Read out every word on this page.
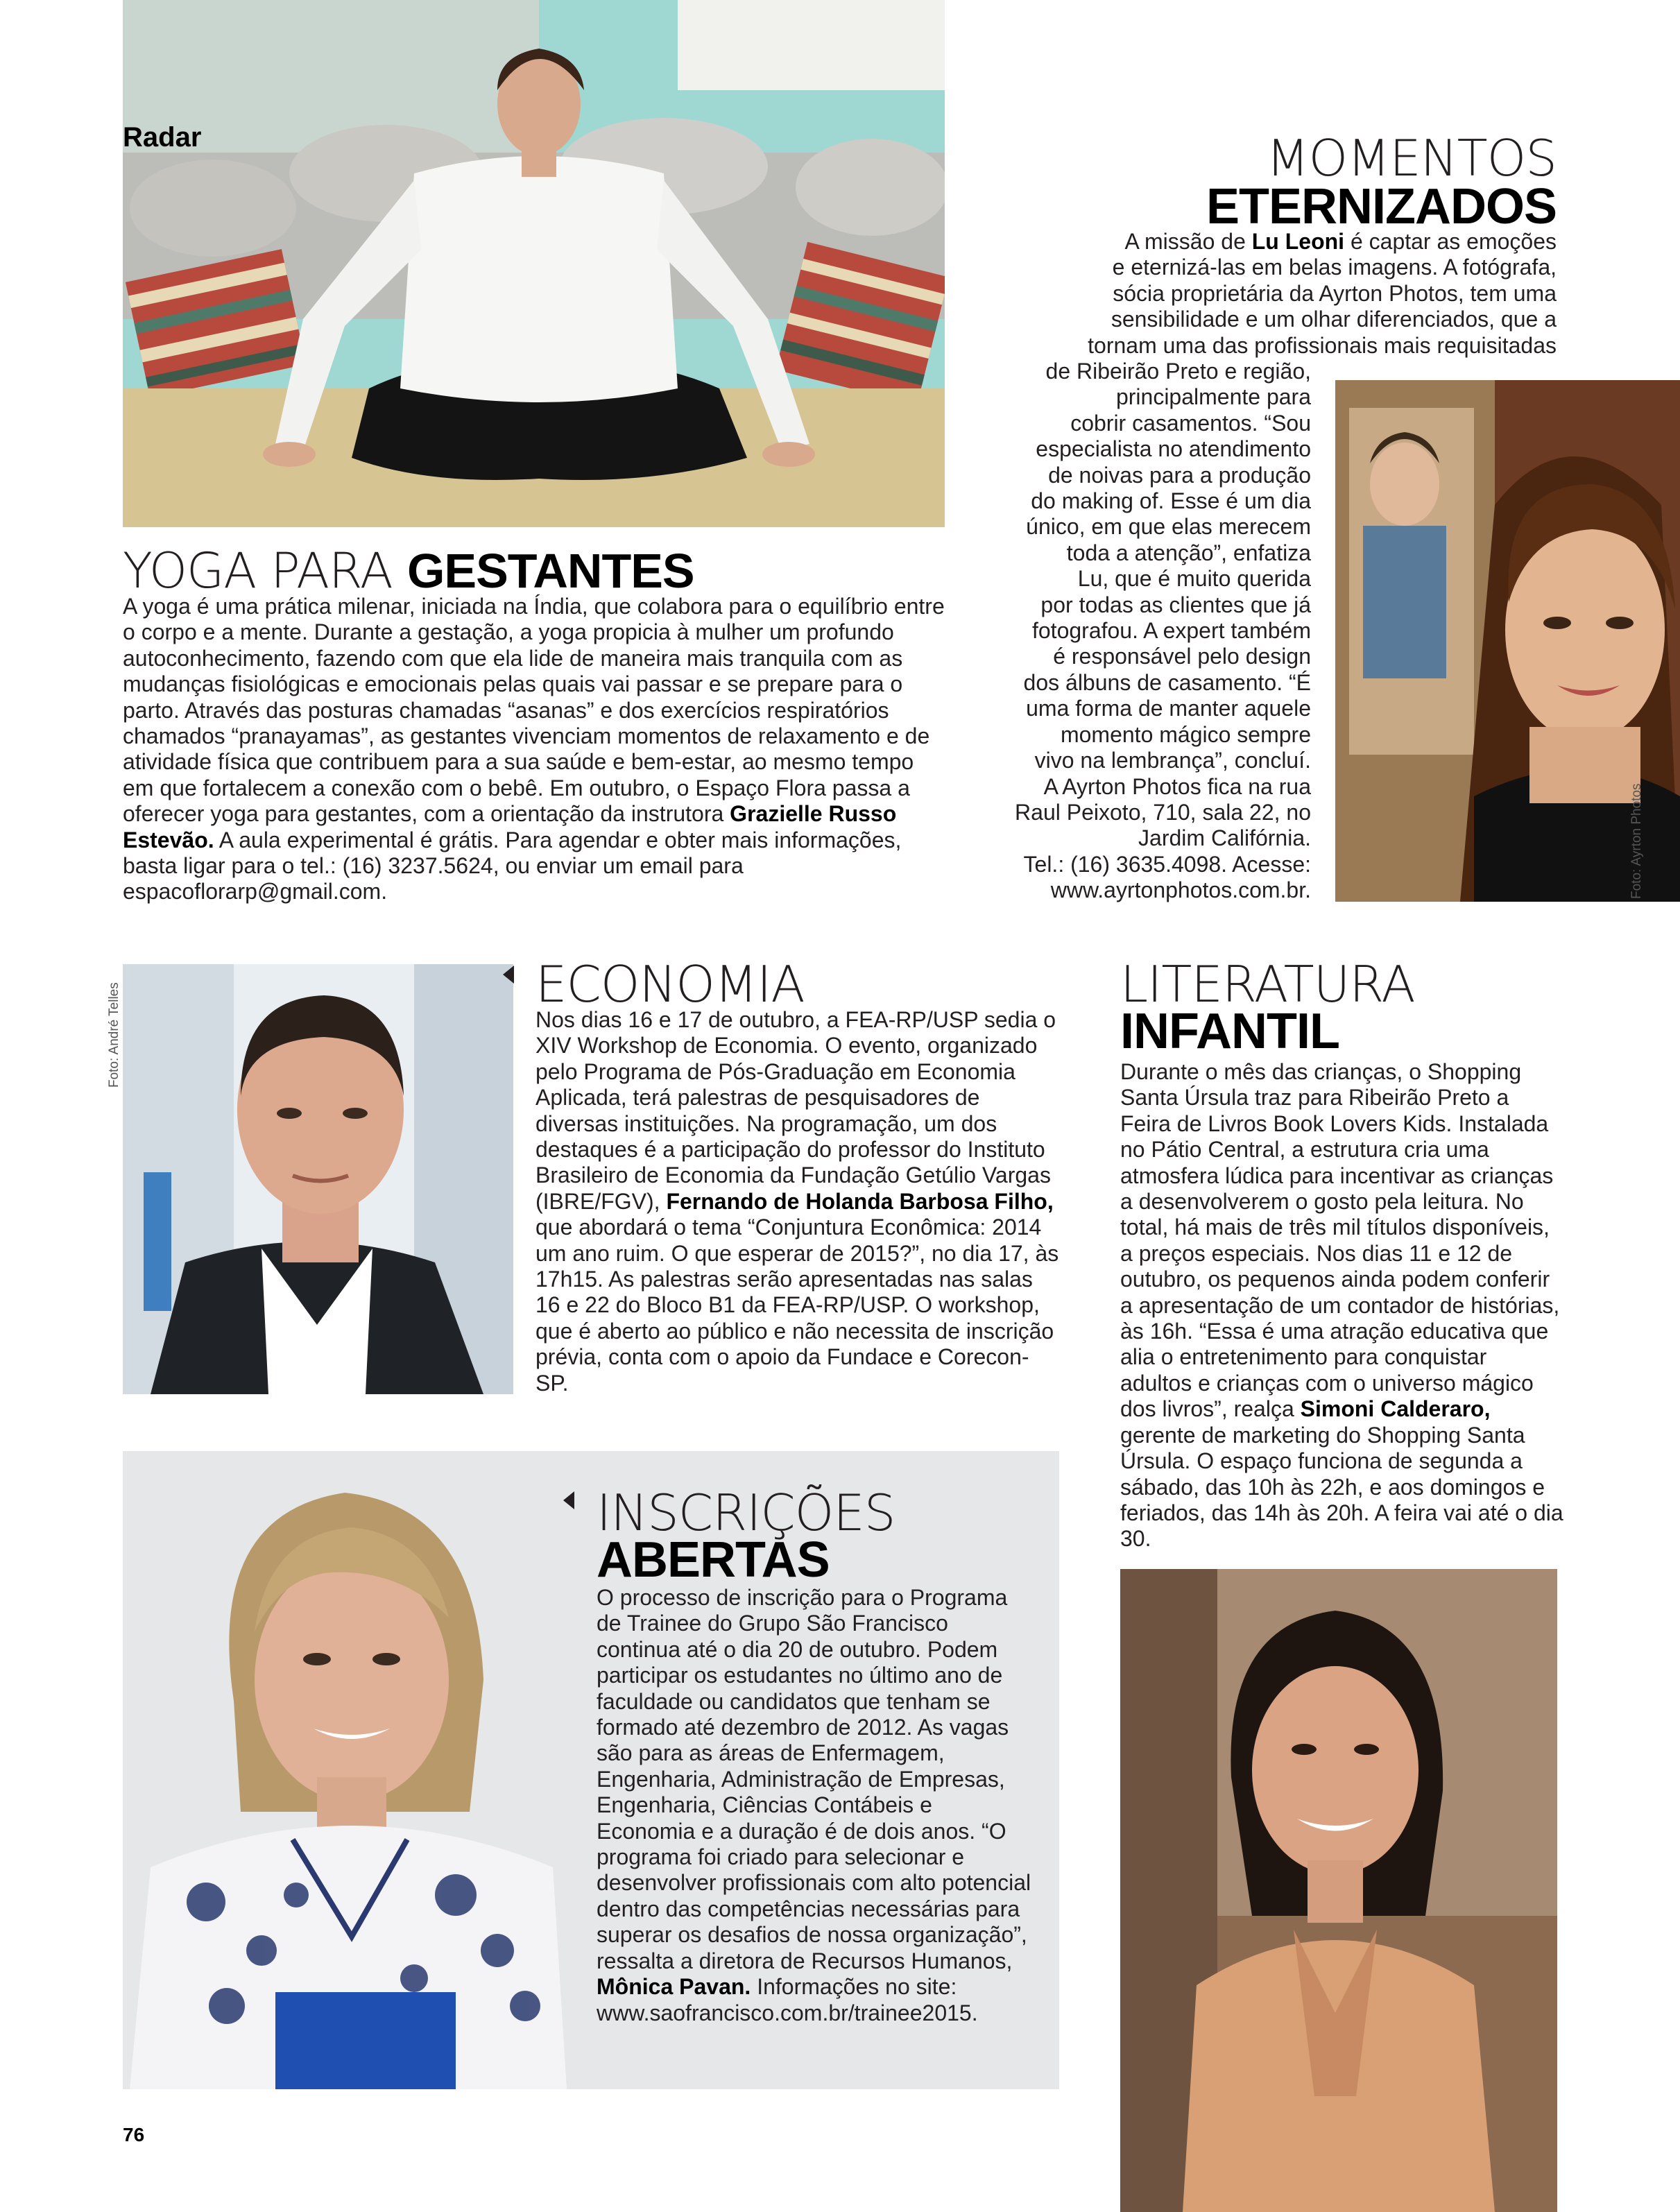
Radar
YOGA PARA GESTANTES
A yoga é uma prática milenar, iniciada na Índia, que colabora para o equilíbrio entre o corpo e a mente. Durante a gestação, a yoga propicia à mulher um profundo autoconhecimento, fazendo com que ela lide de maneira mais tranquila com as mudanças fisiológicas e emocionais pelas quais vai passar e se prepare para o parto. Através das posturas chamadas “asanas” e dos exercícios respiratórios chamados “pranayamas”, as gestantes vivenciam momentos de relaxamento e de atividade física que contribuem para a sua saúde e bem-estar, ao mesmo tempo em que fortalecem a conexão com o bebê. Em outubro, o Espaço Flora passa a oferecer yoga para gestantes, com a orientação da instrutora Grazielle Russo Estevão. A aula experimental é grátis. Para agendar e obter mais informações, basta ligar para o tel.: (16) 3237.5624, ou enviar um email para espacoflorarp@gmail.com.
MOMENTOS
ETERNIZADOS
A missão de Lu Leoni é captar as emoções
e eternizá-las em belas imagens. A fotógrafa,
sócia proprietária da Ayrton Photos, tem uma
sensibilidade e um olhar diferenciados, que a
tornam uma das profissionais mais requisitadas
de Ribeirão Preto e região,
principalmente para
cobrir casamentos. “Sou
especialista no atendimento
de noivas para a produção
do making of. Esse é um dia
único, em que elas merecem
toda a atenção”, enfatiza
Lu, que é muito querida
por todas as clientes que já
fotografou. A expert também
é responsável pelo design
dos álbuns de casamento. “É
uma forma de manter aquele
momento mágico sempre
vivo na lembrança”, concluí.
A Ayrton Photos fica na rua
Raul Peixoto, 710, sala 22, no
Jardim Califórnia.
Tel.: (16) 3635.4098. Acesse:
www.ayrtonphotos.com.br.	Foto: Ayrton Photos
Foto: André Telles	ECONOMIA
Nos dias 16 e 17 de outubro, a FEA-RP/USP sedia o XIV Workshop de Economia. O evento, organizado pelo Programa de Pós-Graduação em Economia Aplicada, terá palestras de pesquisadores de diversas instituições. Na programação, um dos destaques é a participação do professor do Instituto Brasileiro de Economia da Fundação Getúlio Vargas (IBRE/FGV), Fernando de Holanda Barbosa Filho, que abordará o tema “Conjuntura Econômica: 2014 um ano ruim. O que esperar de 2015?”, no dia 17, às 17h15. As palestras serão apresentadas nas salas 16 e 22 do Bloco B1 da FEA-RP/USP. O workshop, que é aberto ao público e não necessita de inscrição prévia, conta com o apoio da Fundace e Corecon-SP.
LITERATURA
INFANTIL
Durante o mês das crianças, o Shopping Santa Úrsula traz para Ribeirão Preto a Feira de Livros Book Lovers Kids. Instalada no Pátio Central, a estrutura cria uma atmosfera lúdica para incentivar as crianças a desenvolverem o gosto pela leitura. No total, há mais de três mil títulos disponíveis, a preços especiais. Nos dias 11 e 12 de outubro, os pequenos ainda podem conferir a apresentação de um contador de histórias, às 16h. “Essa é uma atração educativa que alia o entretenimento para conquistar adultos e crianças com o universo mágico dos livros”, realça Simoni Calderaro, gerente de marketing do Shopping Santa Úrsula. O espaço funciona de segunda a sábado, das 10h às 22h, e aos domingos e feriados, das 14h às 20h. A feira vai até o dia 30.
INSCRIÇÕES
ABERTAS
O processo de inscrição para o Programa de Trainee do Grupo São Francisco continua até o dia 20 de outubro. Podem participar os estudantes no último ano de faculdade ou candidatos que tenham se formado até dezembro de 2012. As vagas são para as áreas de Enfermagem, Engenharia, Administração de Empresas, Engenharia, Ciências Contábeis e Economia e a duração é de dois anos. “O programa foi criado para selecionar e desenvolver profissionais com alto potencial dentro das competências necessárias para superar os desafios de nossa organização”, ressalta a diretora de Recursos Humanos, Mônica Pavan. Informações no site: www.saofrancisco.com.br/trainee2015.
76
